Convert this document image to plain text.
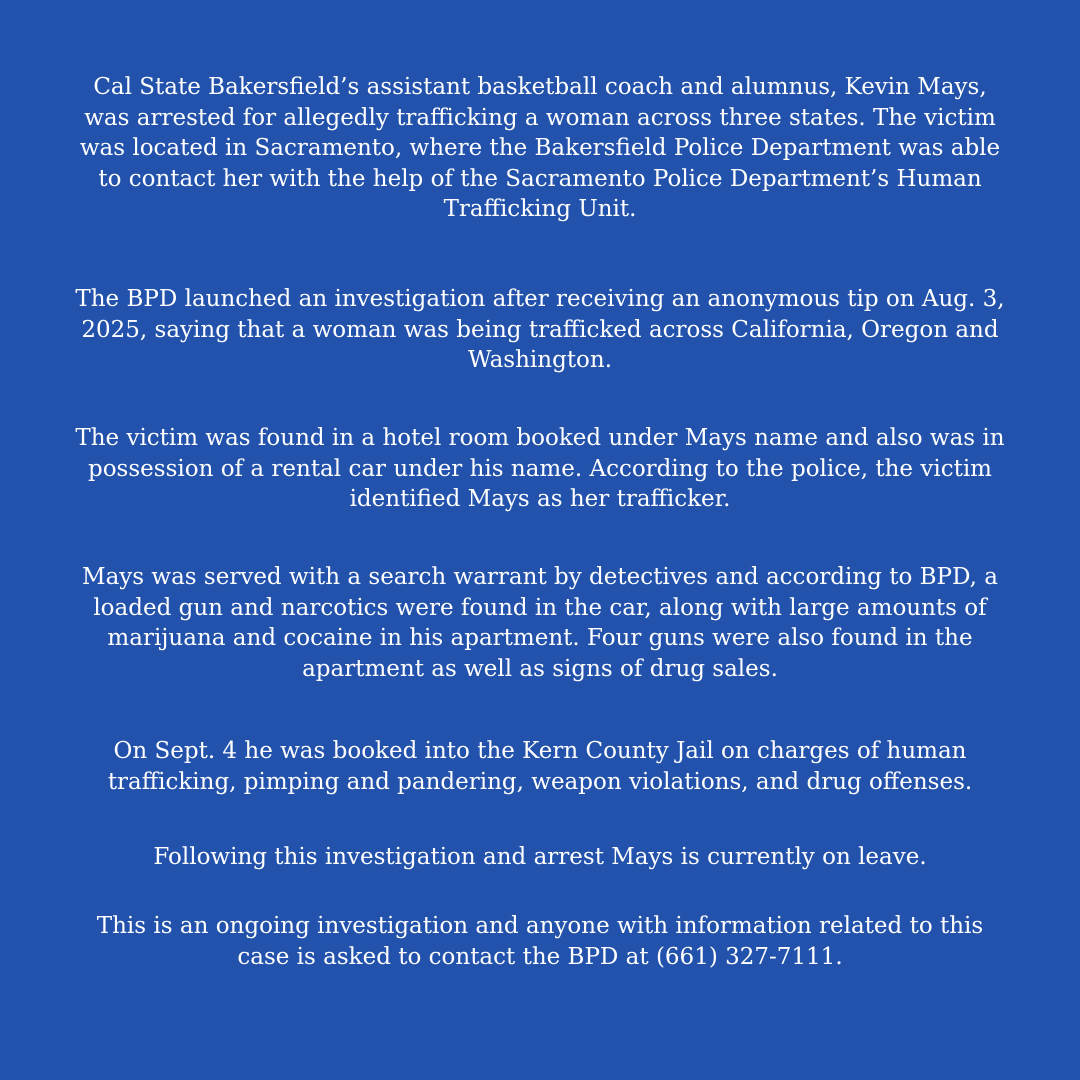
Cal State Bakersfield’s assistant basketball coach and alumnus, Kevin Mays, was arrested for allegedly trafficking a woman across three states. The victim was located in Sacramento, where the Bakersfield Police Department was able to contact her with the help of the Sacramento Police Department’s Human Trafficking Unit.

The BPD launched an investigation after receiving an anonymous tip on Aug. 3, 2025, saying that a woman was being trafficked across California, Oregon and Washington.

The victim was found in a hotel room booked under Mays name and also was in possession of a rental car under his name. According to the police, the victim identified Mays as her trafficker.

Mays was served with a search warrant by detectives and according to BPD, a loaded gun and narcotics were found in the car, along with large amounts of marijuana and cocaine in his apartment. Four guns were also found in the apartment as well as signs of drug sales.

On Sept. 4 he was booked into the Kern County Jail on charges of human trafficking, pimping and pandering, weapon violations, and drug offenses.

Following this investigation and arrest Mays is currently on leave.

This is an ongoing investigation and anyone with information related to this case is asked to contact the BPD at (661) 327-7111.
